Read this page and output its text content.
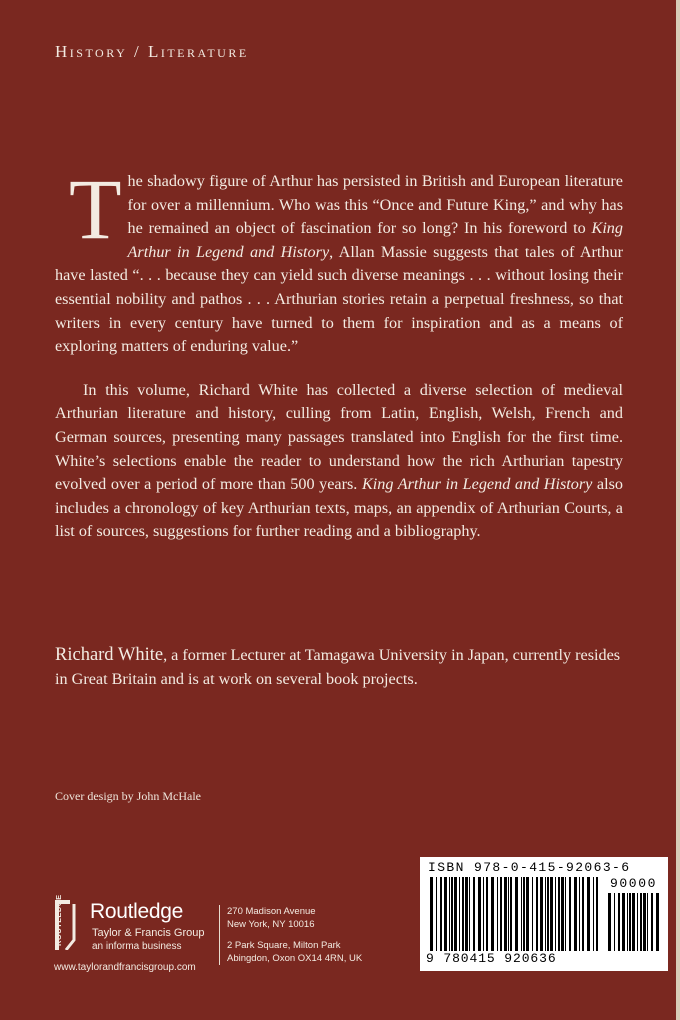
History / Literature

The shadowy figure of Arthur has persisted in British and European literature for over a millennium. Who was this “Once and Future King,” and why has he remained an object of fascination for so long? In his foreword to King Arthur in Legend and History, Allan Massie suggests that tales of Arthur have lasted “. . . because they can yield such diverse meanings . . . without losing their essential nobility and pathos . . . Arthurian stories retain a perpetual freshness, so that writers in every century have turned to them for inspiration and as a means of exploring matters of enduring value.”

In this volume, Richard White has collected a diverse selection of medieval Arthurian literature and history, culling from Latin, English, Welsh, French and German sources, presenting many passages translated into English for the first time. White’s selections enable the reader to understand how the rich Arthurian tapestry evolved over a period of more than 500 years. King Arthur in Legend and History also includes a chronology of key Arthurian texts, maps, an appendix of Arthurian Courts, a list of sources, suggestions for further reading and a bibliography.

Richard White, a former Lecturer at Tamagawa University in Japan, currently resides in Great Britain and is at work on several book projects.
Cover design by John McHale
ROUTLEDGE Routledge
Taylor & Francis Group
an informa business
www.taylorandfrancisgroup.com
270 Madison Avenue
New York, NY 10016
2 Park Square, Milton Park
Abingdon, Oxon OX14 4RN, UK
ISBN 978-0-415-92063-6
90000
9 780415 920636
